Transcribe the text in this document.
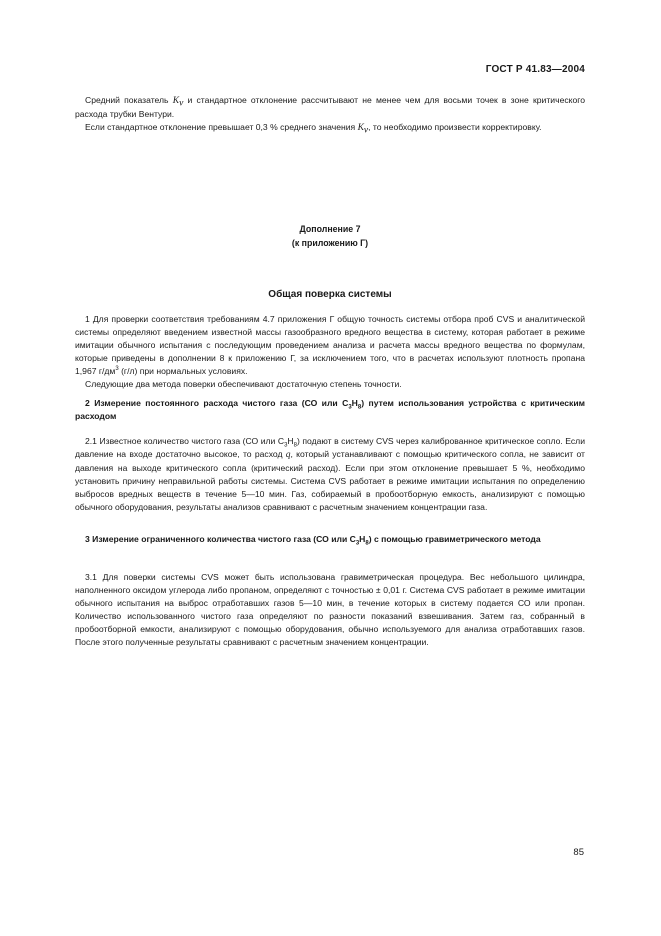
ГОСТ Р 41.83—2004

Средний показатель $K_v$ и стандартное отклонение рассчитывают не менее чем для восьми точек в зоне критического расхода трубки Вентури.

Если стандартное отклонение превышает 0,3 % среднего значения $K_v$, то необходимо произвести корректировку.

Дополнение 7
(к приложению Г)
Общая поверка системы

1 Для проверки соответствия требованиям 4.7 приложения Г общую точность системы отбора проб CVS и аналитической системы определяют введением известной массы газообразного вредного вещества в систему, которая работает в режиме имитации обычного испытания с последующим проведением анализа и расчета массы вредного вещества по формулам, которые приведены в дополнении 8 к приложению Г, за исключением того, что в расчетах используют плотность пропана 1,967 $г/дм^3$ (г/л) при нормальных условиях.

Следующие два метода поверки обеспечивают достаточную степень точности.

2 Измерение постоянного расхода чистого газа (СО или $С_3Н_8$) путем использования устройства с критическим расходом

2.1 Известное количество чистого газа (СО или $С_3Н_8$) подают в систему CVS через калиброванное критическое сопло. Если давление на входе достаточно высокое, то расход q, который устанавливают с помощью критического сопла, не зависит от давления на выходе критического сопла (критический расход). Если при этом отклонение превышает 5 %, необходимо установить причину неправильной работы системы. Система CVS работает в режиме имитации испытания по определению выбросов вредных веществ в течение 5—10 мин. Газ, собираемый в пробоотборную емкость, анализируют с помощью обычного оборудования, результаты анализов сравнивают с расчетным значением концентрации газа.

3 Измерение ограниченного количества чистого газа (СО или $С_3Н_8$) с помощью гравиметрического метода

3.1 Для поверки системы CVS может быть использована гравиметрическая процедура. Вес небольшого цилиндра, наполненного оксидом углерода либо пропаном, определяют с точностью ± 0,01 г. Система CVS работает в режиме имитации обычного испытания на выброс отработавших газов 5—10 мин, в течение которых в систему подается СО или пропан. Количество использованного чистого газа определяют по разности показаний взвешивания. Затем газ, собранный в пробоотборной емкости, анализируют с помощью оборудования, обычно используемого для анализа отработавших газов. После этого полученные результаты сравнивают с расчетным значением концентрации.

85
